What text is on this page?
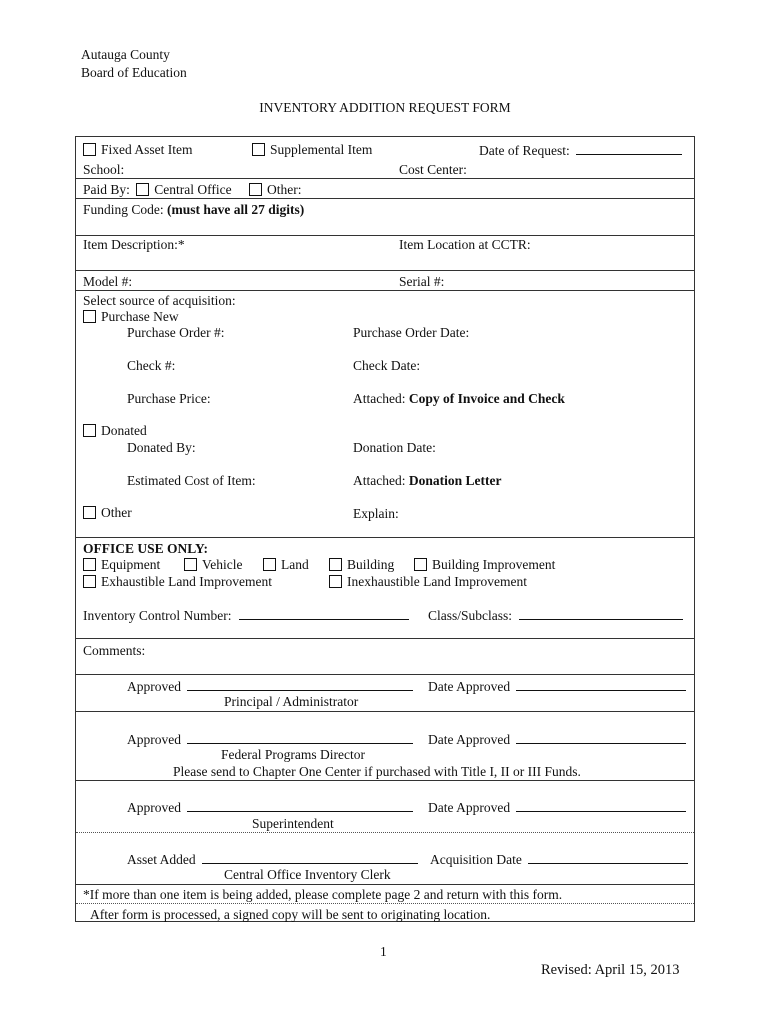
Autauga County
Board of Education
INVENTORY ADDITION REQUEST FORM
Fixed Asset Item	Supplemental Item	Date of Request:
School:	Cost Center:
Paid By: Central Office	Other:
Funding Code: (must have all 27 digits)
Item Description:*	Item Location at CCTR:
Model #:	Serial #:
Select source of acquisition:
Purchase New
Purchase Order #:	Purchase Order Date:
Check #:	Check Date:
Purchase Price:	Attached: Copy of Invoice and Check
Donated
Donated By:	Donation Date:
Estimated Cost of Item:	Attached: Donation Letter
Other	Explain:
OFFICE USE ONLY:
Equipment	Vehicle	Land	Building	Building Improvement
Exhaustible Land Improvement	Inexhaustible Land Improvement
Inventory Control Number:	Class/Subclass:
Comments:
Approved	Date Approved
Principal / Administrator
Approved	Date Approved
Federal Programs Director
Please send to Chapter One Center if purchased with Title I, II or III Funds.
Approved	Date Approved
Superintendent
Asset Added	Acquisition Date
Central Office Inventory Clerk
*If more than one item is being added, please complete page 2 and return with this form.
After form is processed, a signed copy will be sent to originating location.
1
Revised: April 15, 2013
